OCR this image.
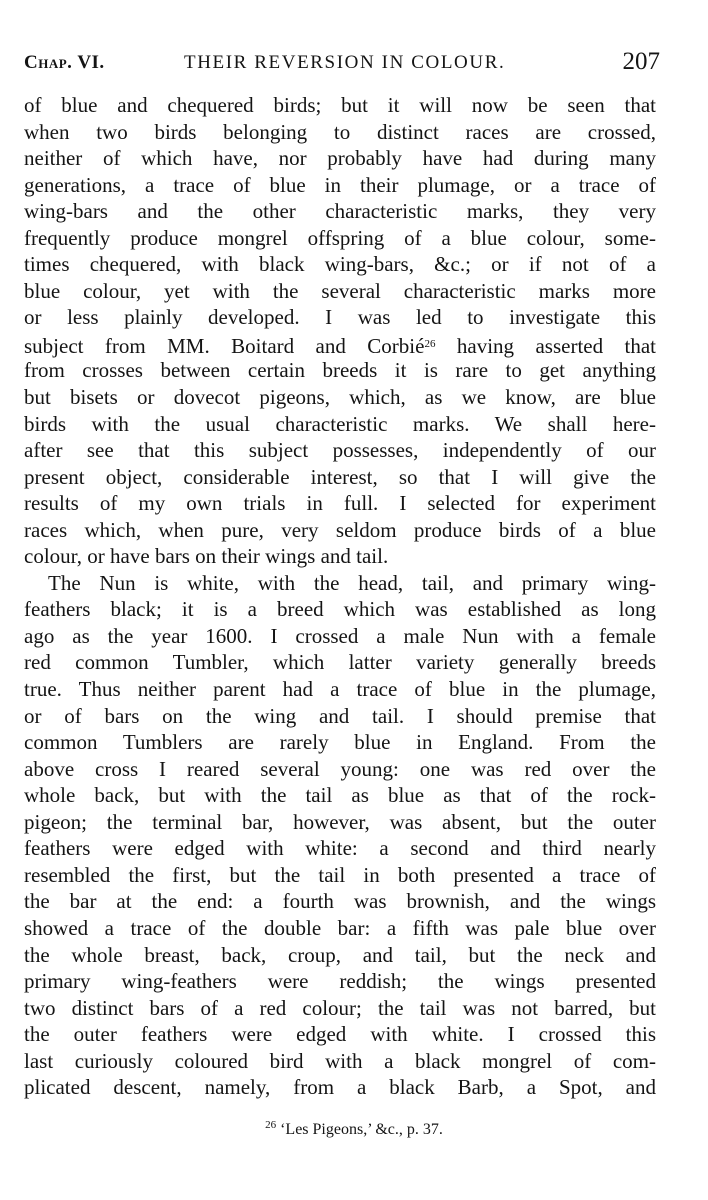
Chap. VI.	THEIR REVERSION IN COLOUR.	207
of blue and chequered birds; but it will now be seen that
when two birds belonging to distinct races are crossed,
neither of which have, nor probably have had during many
generations, a trace of blue in their plumage, or a trace of
wing-bars and the other characteristic marks, they very
frequently produce mongrel offspring of a blue colour, some-
times chequered, with black wing-bars, &c.; or if not of a
blue colour, yet with the several characteristic marks more
or less plainly developed. I was led to investigate this
subject from MM. Boitard and Corbié$^{26}$ having asserted that
from crosses between certain breeds it is rare to get anything
but bisets or dovecot pigeons, which, as we know, are blue
birds with the usual characteristic marks. We shall here-
after see that this subject possesses, independently of our
present object, considerable interest, so that I will give the
results of my own trials in full. I selected for experiment
races which, when pure, very seldom produce birds of a blue
colour, or have bars on their wings and tail.
The Nun is white, with the head, tail, and primary wing-
feathers black; it is a breed which was established as long
ago as the year 1600. I crossed a male Nun with a female
red common Tumbler, which latter variety generally breeds
true. Thus neither parent had a trace of blue in the plumage,
or of bars on the wing and tail. I should premise that
common Tumblers are rarely blue in England. From the
above cross I reared several young: one was red over the
whole back, but with the tail as blue as that of the rock-
pigeon; the terminal bar, however, was absent, but the outer
feathers were edged with white: a second and third nearly
resembled the first, but the tail in both presented a trace of
the bar at the end: a fourth was brownish, and the wings
showed a trace of the double bar: a fifth was pale blue over
the whole breast, back, croup, and tail, but the neck and
primary wing-feathers were reddish; the wings presented
two distinct bars of a red colour; the tail was not barred, but
the outer feathers were edged with white. I crossed this
last curiously coloured bird with a black mongrel of com-
plicated descent, namely, from a black Barb, a Spot, and
$^{26}$ ‘Les Pigeons,’ &c., p. 37.
